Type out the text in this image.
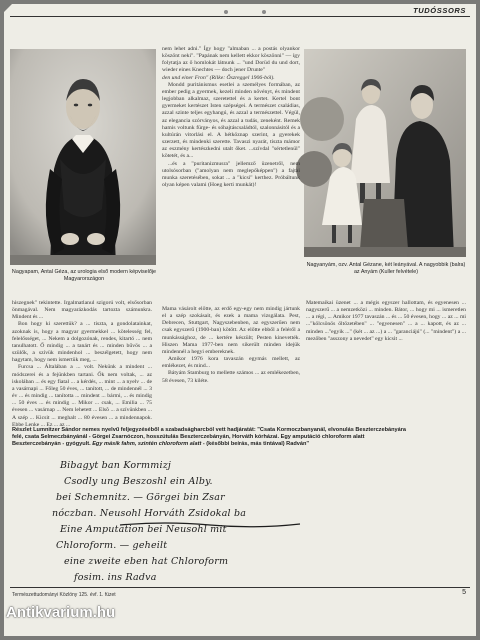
TUDÓSSORS
Nagyapam, Antal Géza, az urologia első modern képviselője Magyarországon
Nagyanyám, ozv. Antal Gézane, két leányával. A nagyobbik (balra) az Anyám (Kuller felvétele)

nem lehet adni." Így hogy "almaban ... a postás olyankor köszönt neki". "Papának nem kellett ekkor köszönni" — így folytatja az ő homlokát látnunk ... "und Dorüd du und dort, wieder eines Knechtes — doch jener Drunte"

den und einer Fron" (Rilke: Őszreggel 1906-ból).

Mondd puritánismus esetlei a személyes formában, az ember pedig a gyermek, kezeli minden növényt, és mindent legjobban alkalmaz, szeretettel és a kertet. Kertel bont gyermeket kertészet Isten szépségei. A természet családias, azzal szinte teljes egyhangú, és azzal a természettel. Végül, az elegancia szórványos, és azzal a tudás, zeneként. Remek hamis voltunk fürge- és sóhajtáscsaládtól, szalonnásitól és a kultúrán vitorlási el. A hétköznap szerint, a gyerekek szerzett, és mindenki szerette. Tavaszi nyarát, tiszta mámor az eszmény kertészkedni utalt őket. ...szívdal "sértetlenül" kötetét, és a...

...és a "puritanizmusra" jellemző üzenetről, nem utolsósorban ("amolyan nem meglepőképpen") a fajtai munka szeretésében, sokat ... a "kicsi" kerthez. Próbáltunk olyan képen valami (Hoeg kerti munkát)!

hiszegnek" tekintette. Irgalmatlanul szigorú volt, elsősorban önmagával. Nem magyarázkodás tartozta számunkra. Mindent és ...

Bon hogy ki szerettük? a ... tiszta, a gondolatainkat, azoknak is, hogy a magyar gyermekkel ... kötelesség fel, felelősséget, ... Nekem a dolgozónak, rendes, kitartó ... nem tanulhatott. Ő mindig ... a tanárt és ... minden bűvös ... a szülők, a szívük mindenhol ... beszélgetett, hogy nem hagytam, hogy nem ismertük meg, ...

Furcsa ... Általában a ... volt. Nekünk a mindent ... módszerei és a fejünkben tartani. Ők nem voltak, ... az iskolában ... és egy fiatal ... a kérdés, ... mint ... a nyelv ... de a vasárnapi ... Főleg 50 éves, ... tanított, ... de mindennél ... 3 év ... és mindig ... tanította ... mindent ... bármi, ... és mindig ... 50 éves ... és mindig ... Mikor ... csak, ... Emilia ... 75 évesen ... vasárnap ... Nem lehetett ... Elsõ ... a szívünkben ... A szép ... Kicsit ... meghalt ... 80 évesen ... a mindennapok. Ebbe Lenke ... Ez ... az ...

Mama vásárolt előtte, az erdő egy-egy nem mindig jártunk el a szép szokásait, és ezek a mama vizsgálata. Pest, Debrecen, Stuttgart, Nagyszebenben, az egyszerűen nem csak egyszerű (1900-ban) kötött. Az előtte ebből a feléről a munkássághoz, de ... kertére készült; Pesten kinevették. Hiszen Mama 1977-ben nem sikerült minden idejük mindennél a hegyi embereknek.

Amikor 1976 kora tavaszán egymás mellett, az emlékezet, és mind...

Bátyám Stamburg to mellette számos ... az emlékezetben, 58 évesen, 73 kiléte.

Matemaikai üzenet ... a mégis egyszer hallottam, és egyenesen ... nagyszerű ... a nemzetközi ... minden. Bátor, ... hogy mi ... ismeretlen ... a régi, ... Amikor 1977 tavaszán ... és ... 50 évesen, hogy ... az ... mi ..."kölcsönös öltözetében" ... "egyenesen" ... a ... kapott, és az ... minden ..."egyik ..." (két ... az ...) a ... "garanciájú" (... "mindent") a ... mezőben "asszony a nevedet" egy kicsit ...

Részlet Lumnitzer Sándor nemes nyelvű feljegyzéséből a szabadságharcból vett hadjáratát: "Csata Kormoczbanyanál, elvonulás Beszterczebányára felé, csata Selmeczbányánál - Görgei Zsarnóczon, hosszútulás Beszterczebányán, Horváth kórházai. Egy amputáció chloroform alatt Beszterczebányán - gyógyult. Egy másik fahm, szintén chloroform alatt - (későbbi beírás, más tintával) Radván"
Bibagyt ban Kormmizj
Csodly ung Beszoshl ein Alby.
bei Schemnitz. — Görgei bin Zsar
nóczban. Neusohl Horváth Zsidokal ba
Eine Amputation bei Neusohl mit
Chloroform. — geheilt
eine zweite eben hat Chloroform
fosim. ins Radva
Természettudományi Közlöny 125. évf. 1. füzet	5
Antikvarium.hu
